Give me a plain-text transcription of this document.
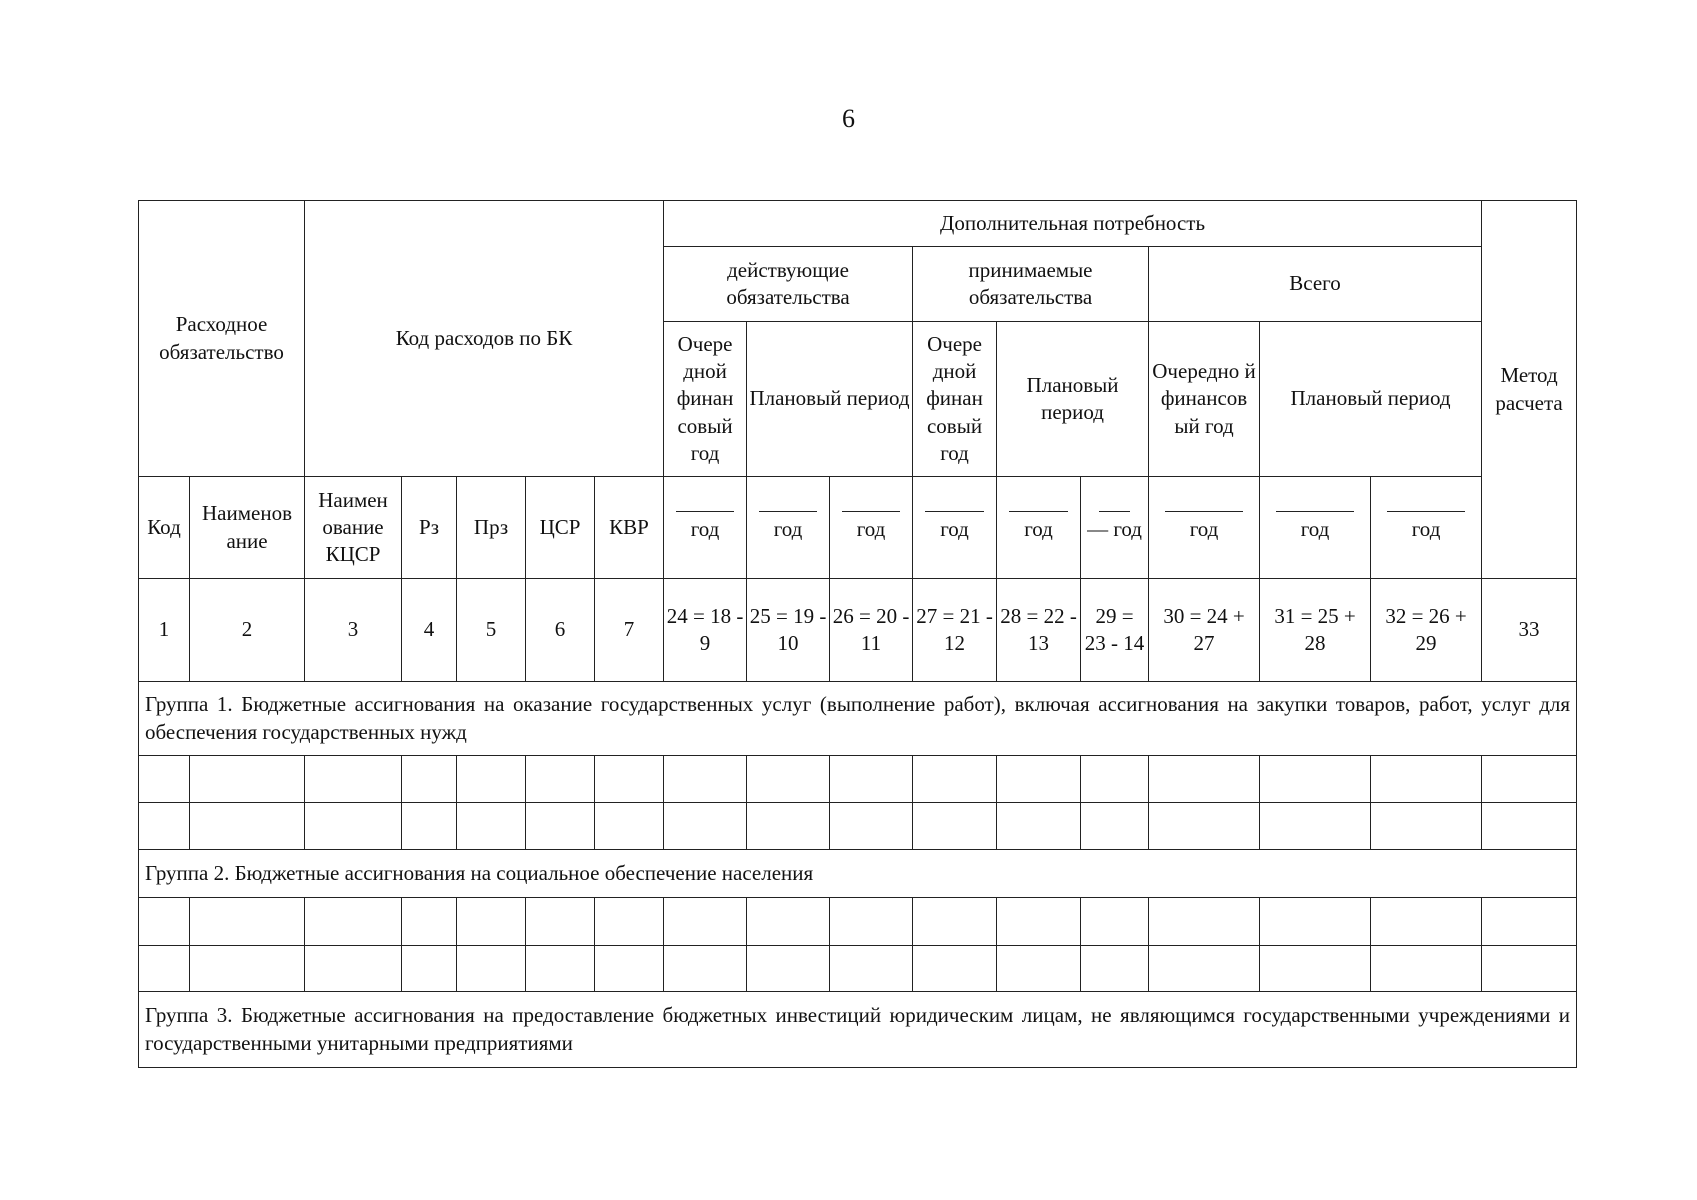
6
Расходное обязательство		Код расходов по БК					Дополнительная потребность									Метод расчета
							действующие обязательства			принимаемые обязательства			Всего			
							Очере дной финан совый год	Плановый период		Очере дной финан совый год	Плановый период		Очередно й финансов ый год	Плановый период		
Код	Наименов ание	Наимен ование КЦСР	Рз	Прз	ЦСР	КВР	год	год	год	год	год	— год	год	год	год	

1	2	3	4	5	6	7	24 = 18 - 9	25 = 19 - 10	26 = 20 - 11	27 = 21 - 12	28 = 22 - 13	29 = 23 - 14	30 = 24 + 27	31 = 25 + 28	32 = 26 + 29	33
Группа 1. Бюджетные ассигнования на оказание государственных услуг (выполнение работ), включая ассигнования на закупки товаров, работ, услуг для обеспечения государственных нужд																

Группа 2. Бюджетные ассигнования на социальное обеспечение населения																

Группа 3. Бюджетные ассигнования на предоставление бюджетных инвестиций юридическим лицам, не являющимся государственными учреждениями и государственными унитарными предприятиями																
